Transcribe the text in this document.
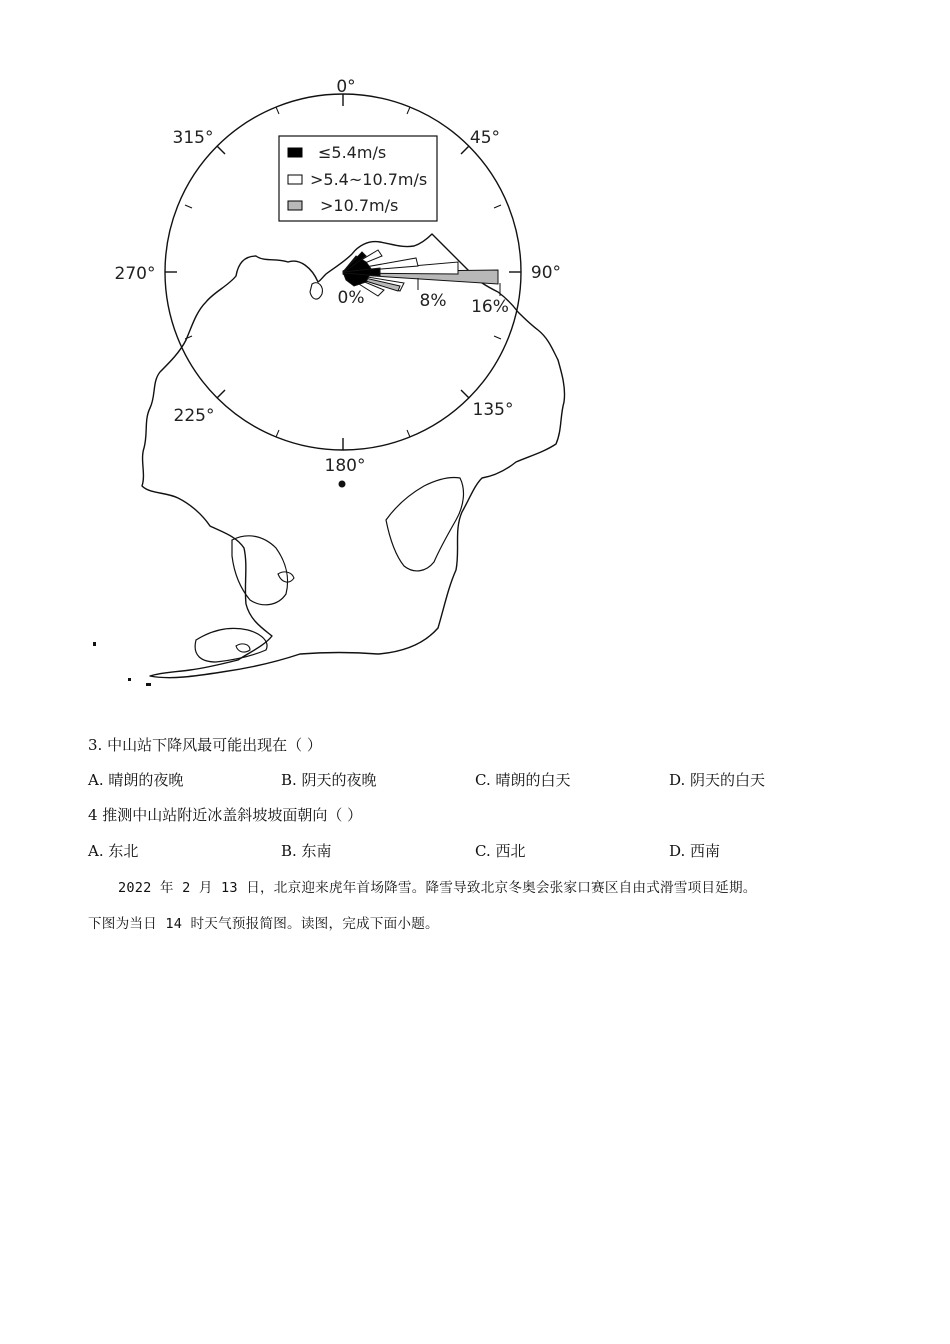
0°
45°
90°
135°
180°
225°
270°
315°
≤5.4m/s
>5.4~10.7m/s
>10.7m/s
0%	8% 16%
3. 中山站下降风最可能出现在（ ）
A. 晴朗的夜晚	B. 阴天的夜晚	C. 晴朗的白天	D. 阴天的白天
4 推测中山站附近冰盖斜坡坡面朝向（ ）
A. 东北	B. 东南	C. 西北	D. 西南
2022 年 2 月 13 日，北京迎来虎年首场降雪。降雪导致北京冬奥会张家口赛区自由式滑雪项目延期。
下图为当日 14 时天气预报简图。读图，完成下面小题。
